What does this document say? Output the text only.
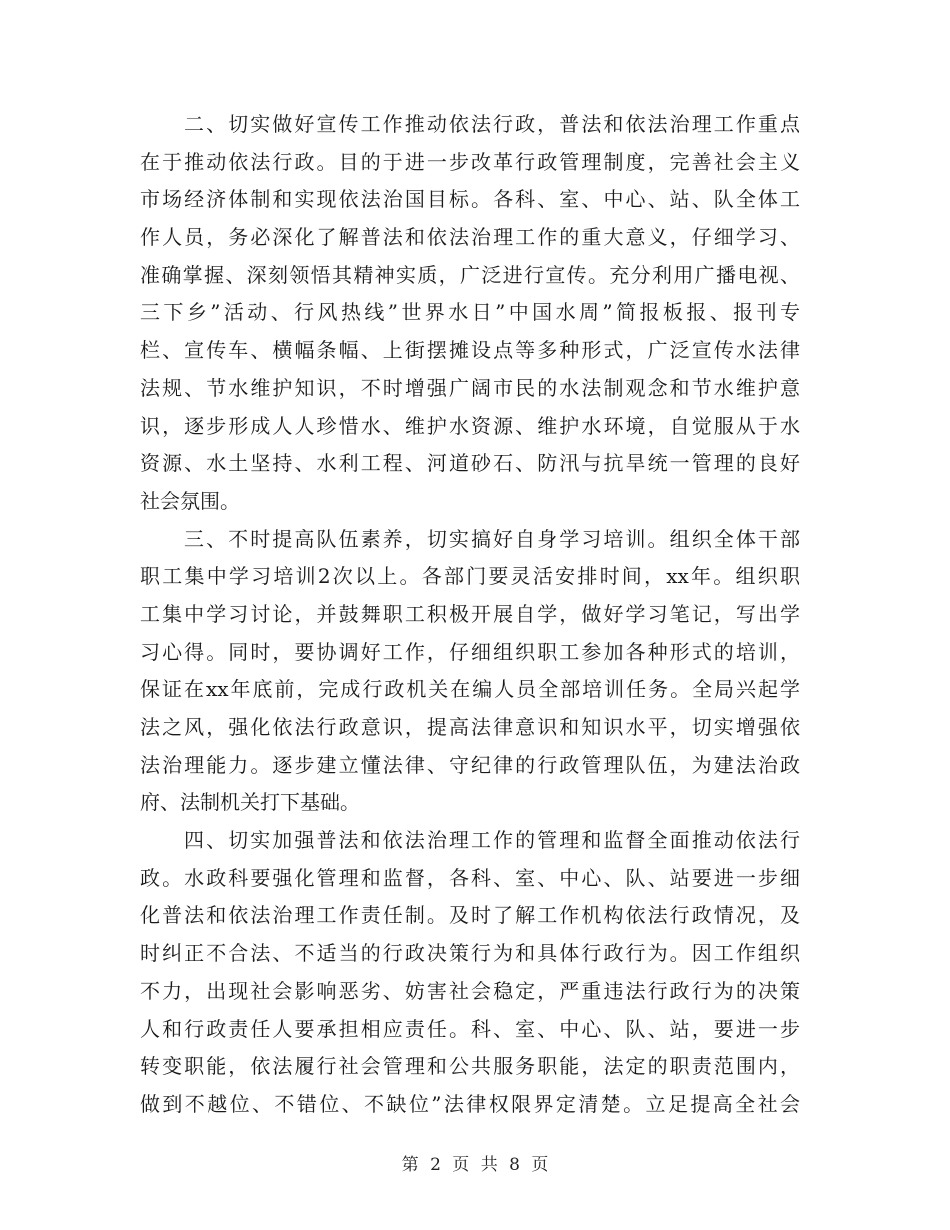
二、切实做好宣传工作推动依法行政，普法和依法治理工作重点
在于推动依法行政。目的于进一步改革行政管理制度，完善社会主义
市场经济体制和实现依法治国目标。各科、室、中心、站、队全体工
作人员，务必深化了解普法和依法治理工作的重大意义，仔细学习、
准确掌握、深刻领悟其精神实质，广泛进行宣传。充分利用广播电视、
三下乡”活动、行风热线”世界水日”中国水周”简报板报、报刊专
栏、宣传车、横幅条幅、上街摆摊设点等多种形式，广泛宣传水法律
法规、节水维护知识，不时增强广阔市民的水法制观念和节水维护意
识，逐步形成人人珍惜水、维护水资源、维护水环境，自觉服从于水
资源、水土坚持、水利工程、河道砂石、防汛与抗旱统一管理的良好
社会氛围。
三、不时提高队伍素养，切实搞好自身学习培训。组织全体干部
职工集中学习培训2次以上。各部门要灵活安排时间，xx年。组织职
工集中学习讨论，并鼓舞职工积极开展自学，做好学习笔记，写出学
习心得。同时，要协调好工作，仔细组织职工参加各种形式的培训，
保证在xx年底前，完成行政机关在编人员全部培训任务。全局兴起学
法之风，强化依法行政意识，提高法律意识和知识水平，切实增强依
法治理能力。逐步建立懂法律、守纪律的行政管理队伍，为建法治政
府、法制机关打下基础。
四、切实加强普法和依法治理工作的管理和监督全面推动依法行
政。水政科要强化管理和监督，各科、室、中心、队、站要进一步细
化普法和依法治理工作责任制。及时了解工作机构依法行政情况，及
时纠正不合法、不适当的行政决策行为和具体行政行为。因工作组织
不力，出现社会影响恶劣、妨害社会稳定，严重违法行政行为的决策
人和行政责任人要承担相应责任。科、室、中心、队、站，要进一步
转变职能，依法履行社会管理和公共服务职能，法定的职责范围内，
做到不越位、不错位、不缺位”法律权限界定清楚。立足提高全社会
第 2 页 共 8 页
